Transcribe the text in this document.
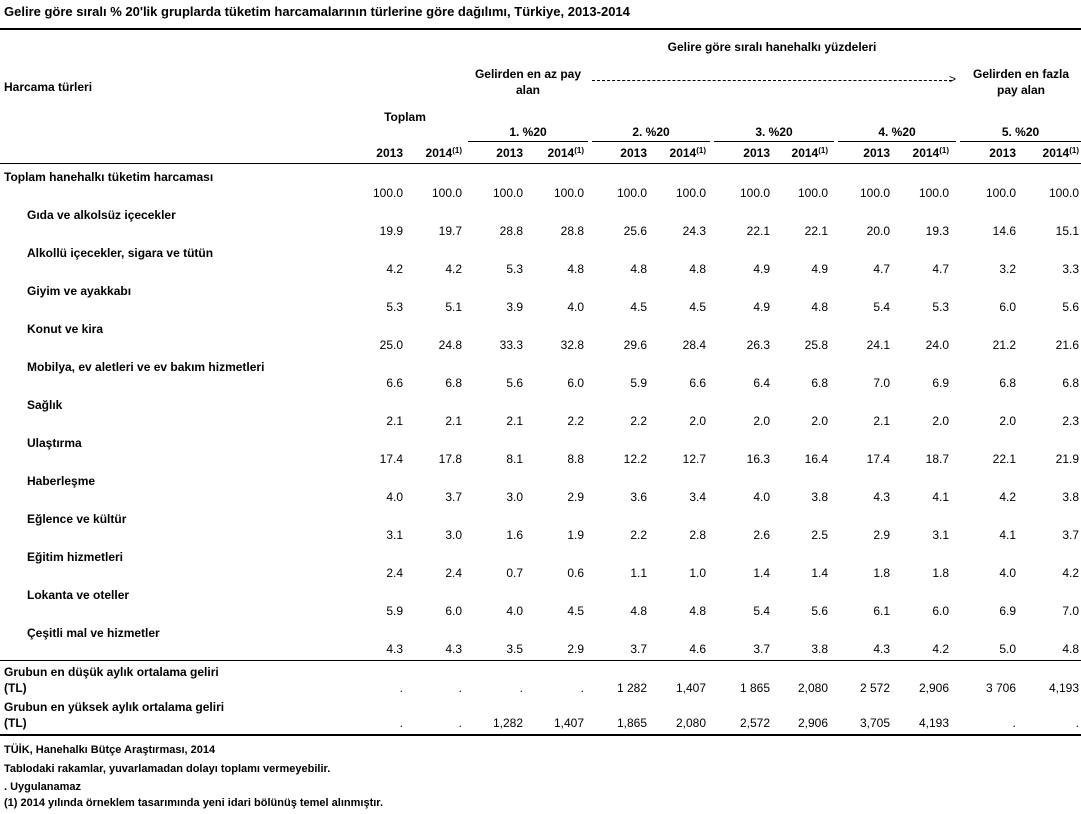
Gelire göre sıralı % 20'lik gruplarda tüketim harcamalarının türlerine göre dağılımı, Türkiye, 2013-2014
Harcama türleri
Gelire göre sıralı hanehalkı yüzdeleri
Gelirden en az pay alan
Gelirden en fazla pay alan
>
Toplam
1. %20	2. %20	3. %20	4. %20	5. %20
2013	2014$^{(1)}$	2013	2014$^{(1)}$	2013	2014$^{(1)}$	2013	2014$^{(1)}$	2013	2014$^{(1)}$	2013	2014$^{(1)}$
Toplam hanehalkı tüketim harcaması
100.0	100.0	100.0	100.0	100.0	100.0	100.0	100.0	100.0	100.0	100.0	100.0
Gıda ve alkolsüz içecekler
19.9	19.7	28.8	28.8	25.6	24.3	22.1	22.1	20.0	19.3	14.6	15.1
Alkollü içecekler, sigara ve tütün
4.2	4.2	5.3	4.8	4.8	4.8	4.9	4.9	4.7	4.7	3.2	3.3
Giyim ve ayakkabı
5.3	5.1	3.9	4.0	4.5	4.5	4.9	4.8	5.4	5.3	6.0	5.6
Konut ve kira
25.0	24.8	33.3	32.8	29.6	28.4	26.3	25.8	24.1	24.0	21.2	21.6
Mobilya, ev aletleri ve ev bakım hizmetleri
6.6	6.8	5.6	6.0	5.9	6.6	6.4	6.8	7.0	6.9	6.8	6.8
Sağlık
2.1	2.1	2.1	2.2	2.2	2.0	2.0	2.0	2.1	2.0	2.0	2.3
Ulaştırma
17.4	17.8	8.1	8.8	12.2	12.7	16.3	16.4	17.4	18.7	22.1	21.9
Haberleşme
4.0	3.7	3.0	2.9	3.6	3.4	4.0	3.8	4.3	4.1	4.2	3.8
Eğlence ve kültür
3.1	3.0	1.6	1.9	2.2	2.8	2.6	2.5	2.9	3.1	4.1	3.7
Eğitim hizmetleri
2.4	2.4	0.7	0.6	1.1	1.0	1.4	1.4	1.8	1.8	4.0	4.2
Lokanta ve oteller
5.9	6.0	4.0	4.5	4.8	4.8	5.4	5.6	6.1	6.0	6.9	7.0
Çeşitli mal ve hizmetler
4.3	4.3	3.5	2.9	3.7	4.6	3.7	3.8	4.3	4.2	5.0	4.8
Grubun en düşük aylık ortalama geliri
(TL)	.	.	.	.	1 282	1,407	1 865	2,080	2 572	2,906	3 706	4,193
Grubun en yüksek aylık ortalama geliri
(TL)	.	.	1,282	1,407	1,865	2,080	2,572	2,906	3,705	4,193	.	.
TÜİK, Hanehalkı Bütçe Araştırması, 2014
Tablodaki rakamlar, yuvarlamadan dolayı toplamı vermeyebilir.
. Uygulanamaz
(1) 2014 yılında örneklem tasarımında yeni idari bölünüş temel alınmıştır.
